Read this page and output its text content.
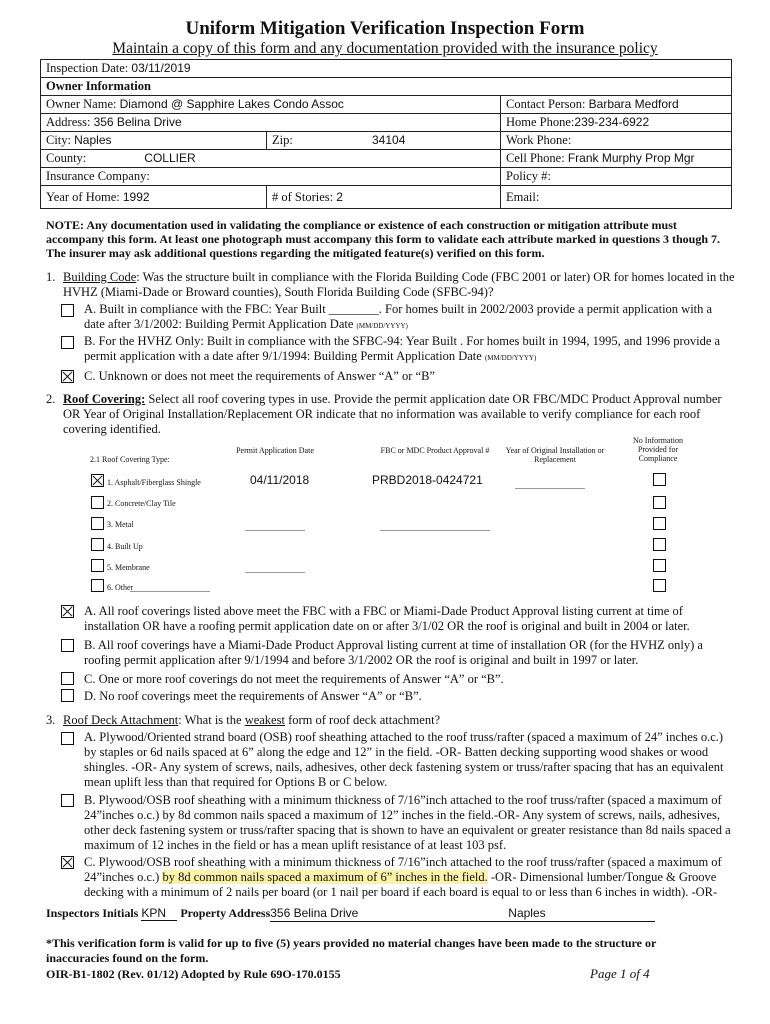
Uniform Mitigation Verification Inspection Form
Maintain a copy of this form and any documentation provided with the insurance policy
Inspection Date: 03/11/2019			
Owner Information			
Owner Name: Diamond @ Sapphire Lakes Condo Assoc			Contact Person: Barbara Medford
Address: 356 Belina Drive			Home Phone:239-234-6922
City: Naples	Zip:	34104	Work Phone:
County: COLLIER			Cell Phone: Frank Murphy Prop Mgr
Insurance Company:			Policy #:
Year of Home: 1992	# of Stories: 2		Email:
NOTE: Any documentation used in validating the compliance or existence of each construction or mitigation attribute must accompany this form. At least one photograph must accompany this form to validate each attribute marked in questions 3 though 7. The insurer may ask additional questions regarding the mitigated feature(s) verified on this form.
1. Building Code: Was the structure built in compliance with the Florida Building Code (FBC 2001 or later) OR for homes located in the HVHZ (Miami-Dade or Broward counties), South Florida Building Code (SFBC-94)?
A. Built in compliance with the FBC: Year Built ________. For homes built in 2002/2003 provide a permit application with a date after 3/1/2002: Building Permit Application Date (MM/DD/YYYY)
B. For the HVHZ Only: Built in compliance with the SFBC-94: Year Built . For homes built in 1994, 1995, and 1996 provide a permit application with a date after 9/1/1994: Building Permit Application Date (MM/DD/YYYY)
C. Unknown or does not meet the requirements of Answer “A” or “B”
2. Roof Covering: Select all roof covering types in use. Provide the permit application date OR FBC/MDC Product Approval number OR Year of Original Installation/Replacement OR indicate that no information was available to verify compliance for each roof covering identified.
2.1 Roof Covering Type:
Permit Application Date	FBC or MDC Product Approval #	Year of Original Installation or Replacement
No Information Provided for Compliance
1. Asphalt/Fiberglass Shingle	04/11/2018	PRBD2018-0424721
2. Concrete/Clay Tile
3. Metal
4. Built Up
5. Membrane
6. Other
A. All roof coverings listed above meet the FBC with a FBC or Miami-Dade Product Approval listing current at time of installation OR have a roofing permit application date on or after 3/1/02 OR the roof is original and built in 2004 or later.
B. All roof coverings have a Miami-Dade Product Approval listing current at time of installation OR (for the HVHZ only) a roofing permit application after 9/1/1994 and before 3/1/2002 OR the roof is original and built in 1997 or later.
C. One or more roof coverings do not meet the requirements of Answer “A” or “B”.
D. No roof coverings meet the requirements of Answer “A” or “B”.
3. Roof Deck Attachment: What is the weakest form of roof deck attachment?
A. Plywood/Oriented strand board (OSB) roof sheathing attached to the roof truss/rafter (spaced a maximum of 24” inches o.c.) by staples or 6d nails spaced at 6” along the edge and 12” in the field. -OR- Batten decking supporting wood shakes or wood shingles. -OR- Any system of screws, nails, adhesives, other deck fastening system or truss/rafter spacing that has an equivalent mean uplift less than that required for Options B or C below.
B. Plywood/OSB roof sheathing with a minimum thickness of 7/16”inch attached to the roof truss/rafter (spaced a maximum of 24”inches o.c.) by 8d common nails spaced a maximum of 12” inches in the field.-OR- Any system of screws, nails, adhesives, other deck fastening system or truss/rafter spacing that is shown to have an equivalent or greater resistance than 8d nails spaced a maximum of 12 inches in the field or has a mean uplift resistance of at least 103 psf.
C. Plywood/OSB roof sheathing with a minimum thickness of 7/16”inch attached to the roof truss/rafter (spaced a maximum of 24”inches o.c.) by 8d common nails spaced a maximum of 6” inches in the field. -OR- Dimensional lumber/Tongue & Groove decking with a minimum of 2 nails per board (or 1 nail per board if each board is equal to or less than 6 inches in width). -OR-
Inspectors Initials KPN Property Address356 Belina Drive	Naples
*This verification form is valid for up to five (5) years provided no material changes have been made to the structure or inaccuracies found on the form.
OIR-B1-1802 (Rev. 01/12) Adopted by Rule 69O-170.0155	Page 1 of 4
